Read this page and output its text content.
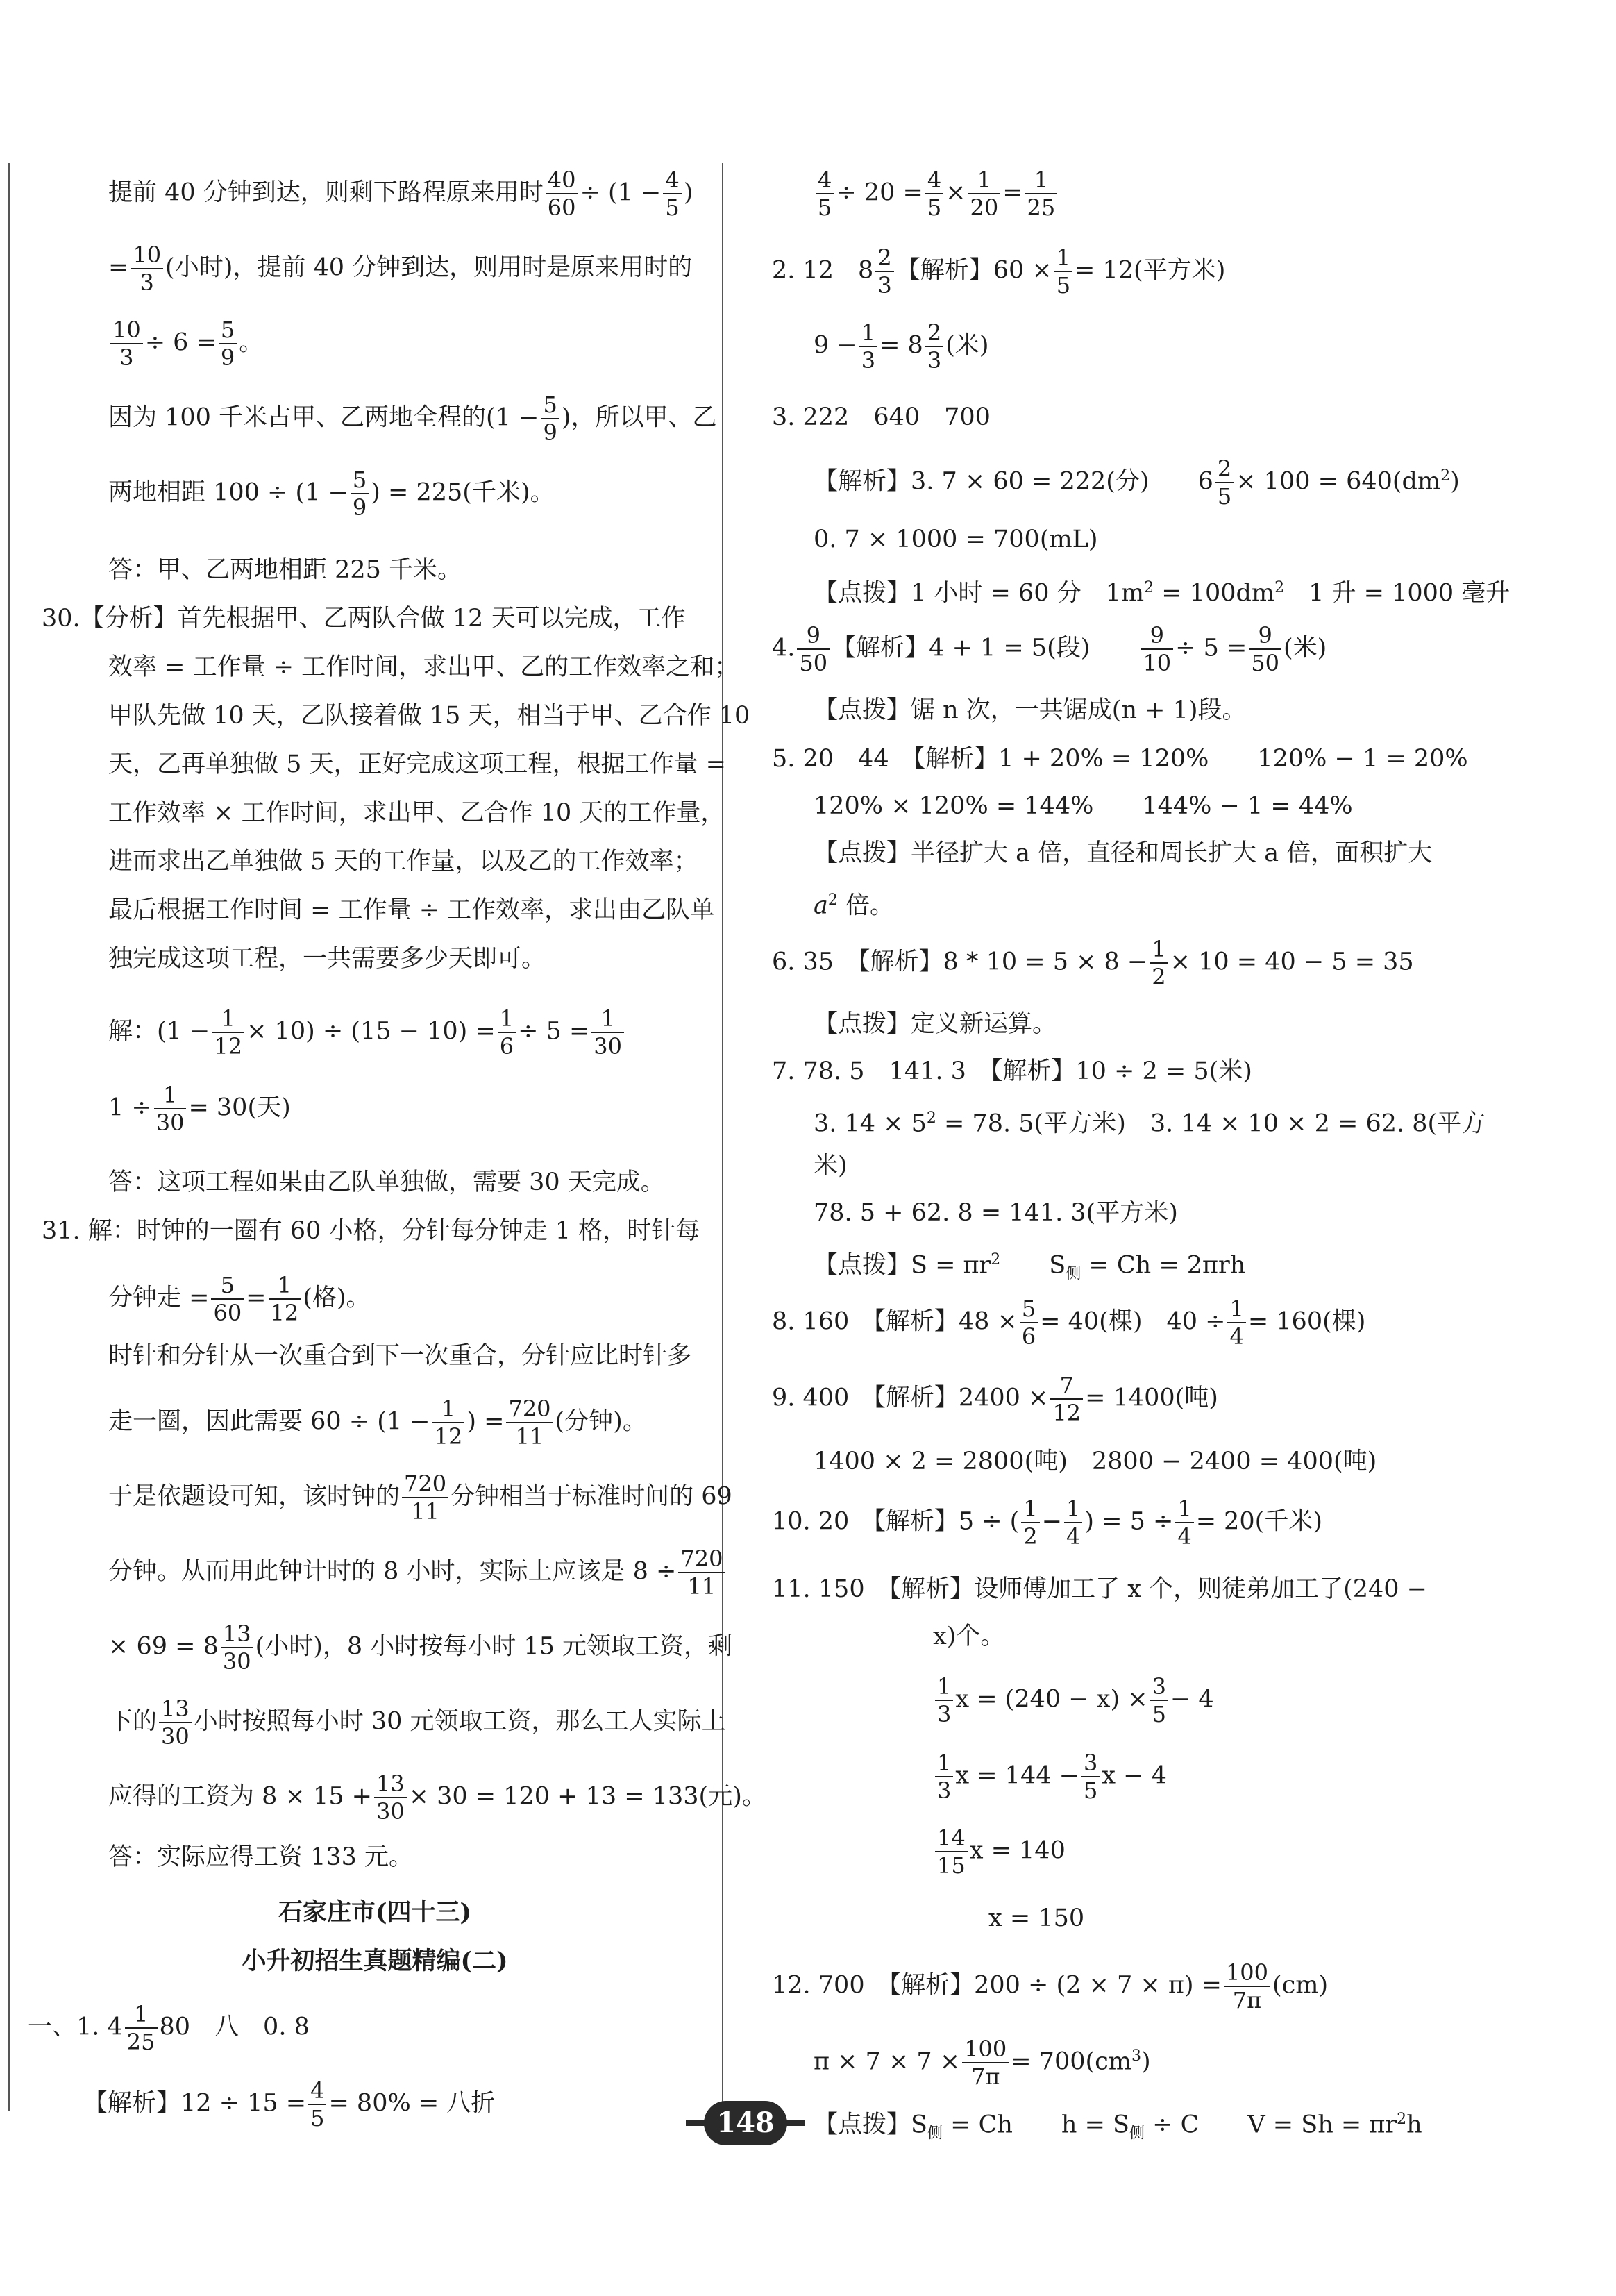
提前 40 分钟到达，则剩下路程原来用时 $\frac{40}{60} \div (1 - \frac{4}{5}$ )
= $\frac{10}{3}$ (小时)，提前 40 分钟到达，则用时是原来用时的
$\frac{10}{3} \div 6 = \frac{5}{9}$ 。
因为 100 千米占甲、乙两地全程的($1 - \frac{5}{9}$ )，所以甲、乙
两地相距 $100 \div (1 - \frac{5}{9}$ ) = 225(千米)。
答：甲、乙两地相距 225 千米。
30.【分析】首先根据甲、乙两队合做 12 天可以完成，工作
效率 = 工作量 ÷ 工作时间，求出甲、乙的工作效率之和；
甲队先做 10 天，乙队接着做 15 天，相当于甲、乙合作 10
天，乙再单独做 5 天，正好完成这项工程，根据工作量 =
工作效率 × 工作时间，求出甲、乙合作 10 天的工作量，
进而求出乙单独做 5 天的工作量，以及乙的工作效率；
最后根据工作时间 = 工作量 ÷ 工作效率，求出由乙队单
独完成这项工程，一共需要多少天即可。
解：$(1 - \frac{1}{12} \times 10) \div (15 - 10) = \frac{1}{6} \div 5 = \frac{1}{30}$
$1 \div \frac{1}{30} = 30$(天)
答：这项工程如果由乙队单独做，需要 30 天完成。
31. 解：时钟的一圈有 60 小格，分针每分钟走 1 格，时针每
分钟走 = $\frac{5}{60} = \frac{1}{12}$ (格)。
时针和分针从一次重合到下一次重合，分针应比时针多
走一圈，因此需要 $60 \div (1 - \frac{1}{12}$ ) = $\frac{720}{11}$ (分钟)。
于是依题设可知，该时钟的 $\frac{720}{11}$ 分钟相当于标准时间的 69
分钟。从而用此钟计时的 8 小时，实际上应该是 $8 \div \frac{720}{11}$
× $69 = 8 \frac{13}{30}$ (小时)，8 小时按每小时 15 元领取工资，剩
下的 $\frac{13}{30}$ 小时按照每小时 30 元领取工资，那么工人实际上
应得的工资为 $8 \times 15 + \frac{13}{30} \times 30 = 120 + 13 = 133$(元)。
答：实际应得工资 133 元。
石家庄市(四十三)
小升初招生真题精编(二)
一、1. $4 \frac{1}{25} 80$　八　0. 8
【解析】$12 \div 15 = \frac{4}{5} = 80\%$ = 八折
$\frac{4}{5} \div 20 = \frac{4}{5} \times \frac{1}{20} = \frac{1}{25}$
2. 12　$8 \frac{2}{3}$ 【解析】$60 \times \frac{1}{5} = 12$(平方米)
$9 - \frac{1}{3} = 8 \frac{2}{3}$ (米)
3. 222　640　700
【解析】3. 7 × 60 = 222(分)　　$6 \frac{2}{5} \times 100 = 640(dm^2)$
0. 7 × 1000 = 700(mL)
【点拨】1 小时 = 60 分　$1m^2 = 100dm^2$　1 升 = 1000 毫升
4. $\frac{9}{50}$ 【解析】4 + 1 = 5(段)　　 $\frac{9}{10} \div 5 = \frac{9}{50}$ (米)
【点拨】锯 n 次，一共锯成(n + 1)段。
5. 20　44　【解析】1 + 20% = 120%　　120% − 1 = 20%
120% × 120% = 144%　　144% − 1 = 44%
【点拨】半径扩大 a 倍，直径和周长扩大 a 倍，面积扩大
$a^2$ 倍。
6. 35　【解析】$8 * 10 = 5 \times 8 - \frac{1}{2} \times 10 = 40 - 5 = 35$
【点拨】定义新运算。
7. 78. 5　141. 3　【解析】10 ÷ 2 = 5(米)
3. $14 \times 5^2 = 78$. 5(平方米)　3. 14 × 10 × 2 = 62. 8(平方
米)
78. 5 + 62. 8 = 141. 3(平方米)
【点拨】$S = \pi r^2$　　$S_侧 = Ch = 2\pi rh$
8. 160　【解析】$48 \times \frac{5}{6} = 40$(棵)　$40 \div \frac{1}{4} = 160$(棵)
9. 400　【解析】$2400 \times \frac{7}{12} = 1400$(吨)
1400 × 2 = 2800(吨)　2800 − 2400 = 400(吨)
10. 20　【解析】5 ÷ ( $\frac{1}{2} - \frac{1}{4}$ ) = $5 \div \frac{1}{4} = 20$(千米)
11. 150　【解析】设师傅加工了 x 个，则徒弟加工了(240 −
x)个。
$\frac{1}{3}$ $x = (240 - x) \times \frac{3}{5} - 4$
$\frac{1}{3}$ $x = 144 - \frac{3}{5}$ x − 4
$\frac{14}{15}$ x = 140
x = 150
12. 700　【解析】$200 \div (2 \times 7 \times \pi) = \frac{100}{7\pi} (cm)$
$\pi \times 7 \times 7 \times \frac{100}{7\pi} = 700(cm^3)$
【点拨】$S_侧 = Ch$　　$h = S_侧 \div C$　　$V = Sh = \pi r^2h$
148
